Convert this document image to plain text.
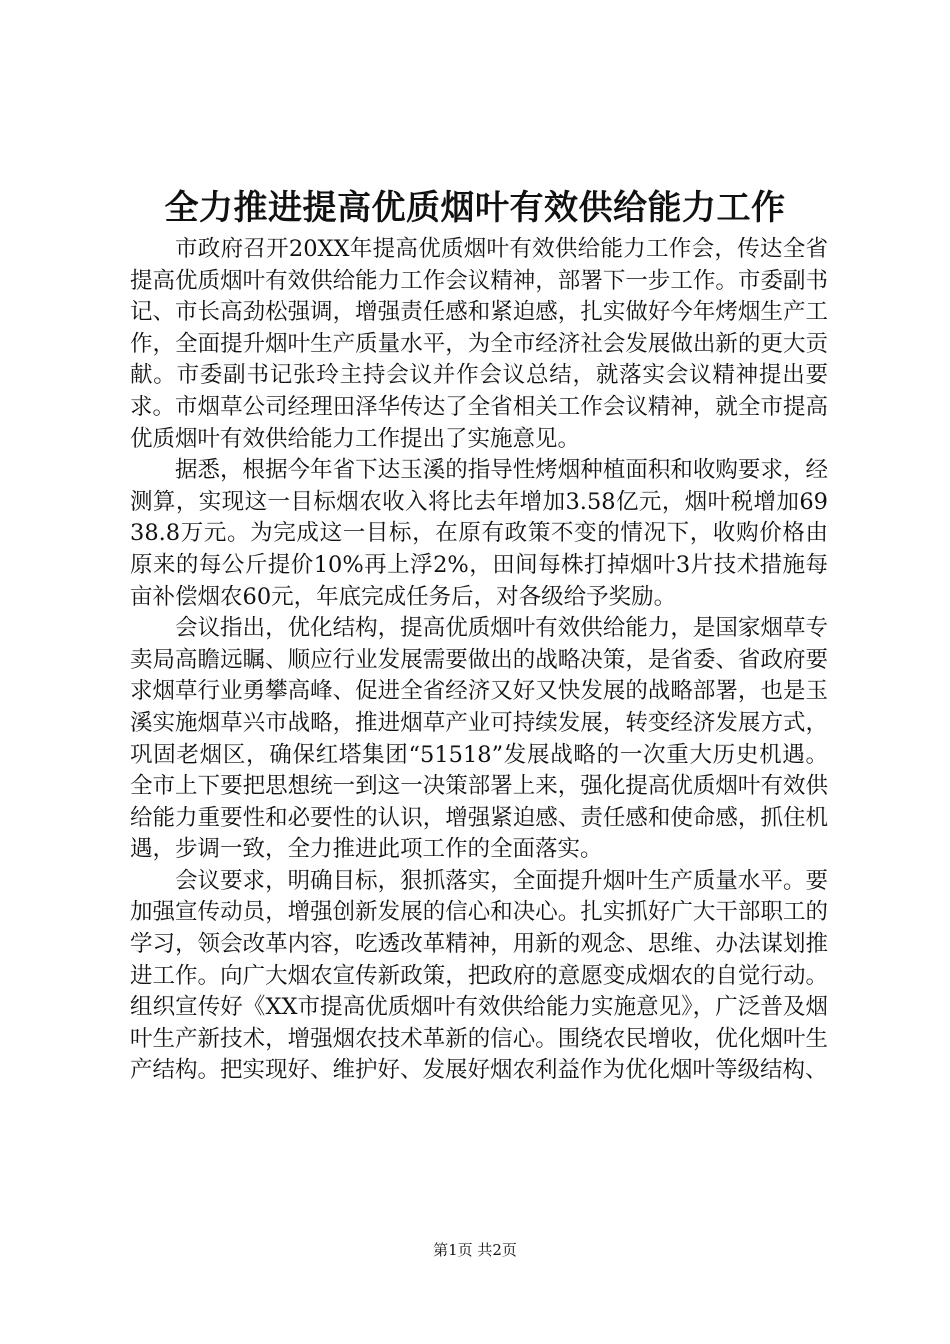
全力推进提高优质烟叶有效供给能力工作

市政府召开20XX年提高优质烟叶有效供给能力工作会，传达全省提高优质烟叶有效供给能力工作会议精神，部署下一步工作。市委副书记、市长高劲松强调，增强责任感和紧迫感，扎实做好今年烤烟生产工作，全面提升烟叶生产质量水平，为全市经济社会发展做出新的更大贡献。市委副书记张玲主持会议并作会议总结，就落实会议精神提出要求。市烟草公司经理田泽华传达了全省相关工作会议精神，就全市提高优质烟叶有效供给能力工作提出了实施意见。

据悉，根据今年省下达玉溪的指导性烤烟种植面积和收购要求，经测算，实现这一目标烟农收入将比去年增加3.58亿元，烟叶税增加6938.8万元。为完成这一目标，在原有政策不变的情况下，收购价格由原来的每公斤提价10%再上浮2%，田间每株打掉烟叶3片技术措施每亩补偿烟农60元，年底完成任务后，对各级给予奖励。

会议指出，优化结构，提高优质烟叶有效供给能力，是国家烟草专卖局高瞻远瞩、顺应行业发展需要做出的战略决策，是省委、省政府要求烟草行业勇攀高峰、促进全省经济又好又快发展的战略部署，也是玉溪实施烟草兴市战略，推进烟草产业可持续发展，转变经济发展方式，巩固老烟区，确保红塔集团“51518”发展战略的一次重大历史机遇。全市上下要把思想统一到这一决策部署上来，强化提高优质烟叶有效供给能力重要性和必要性的认识，增强紧迫感、责任感和使命感，抓住机遇，步调一致，全力推进此项工作的全面落实。

会议要求，明确目标，狠抓落实，全面提升烟叶生产质量水平。要加强宣传动员，增强创新发展的信心和决心。扎实抓好广大干部职工的学习，领会改革内容，吃透改革精神，用新的观念、思维、办法谋划推进工作。向广大烟农宣传新政策，把政府的意愿变成烟农的自觉行动。组织宣传好《XX市提高优质烟叶有效供给能力实施意见》，广泛普及烟叶生产新技术，增强烟农技术革新的信心。围绕农民增收，优化烟叶生产结构。把实现好、维护好、发展好烟农利益作为优化烟叶等级结构、

第1页 共2页
